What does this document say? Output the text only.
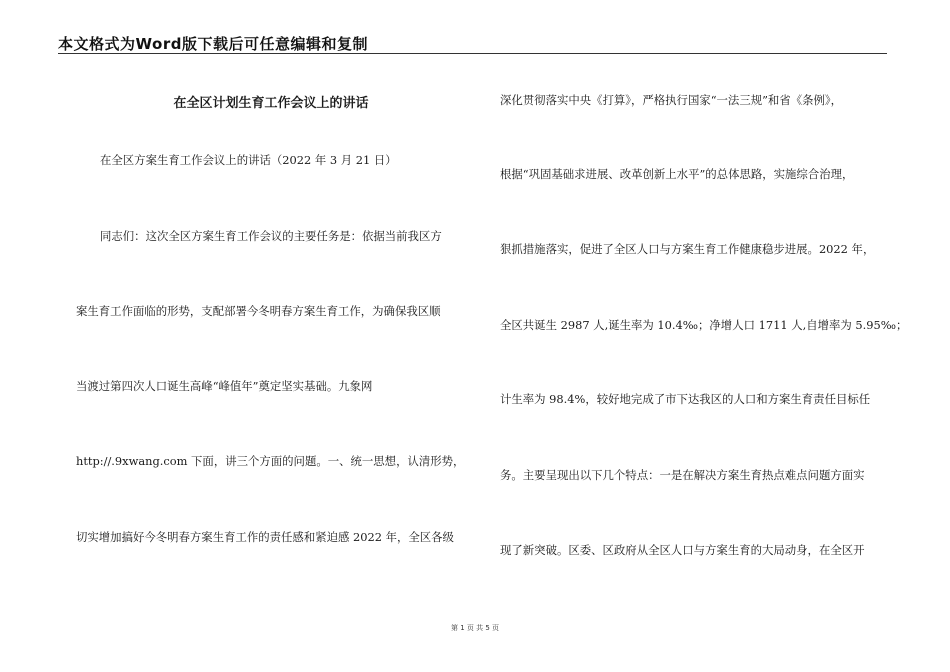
本文格式为Word版下载后可任意编辑和复制
在全区计划生育工作会议上的讲话
在全区方案生育工作会议上的讲话（2022 年 3 月 21 日）
同志们：这次全区方案生育工作会议的主要任务是：依据当前我区方
案生育工作面临的形势，支配部署今冬明春方案生育工作，为确保我区顺
当渡过第四次人口诞生高峰“峰值年”奠定坚实基础。九象网
http://.9xwang.com 下面，讲三个方面的问题。一、统一思想，认清形势，
切实增加搞好今冬明春方案生育工作的责任感和紧迫感 2022 年，全区各级
深化贯彻落实中央《打算》，严格执行国家“一法三规”和省《条例》，
根据“巩固基础求进展、改革创新上水平”的总体思路，实施综合治理，
狠抓措施落实，促进了全区人口与方案生育工作健康稳步进展。2022 年，
全区共诞生 2987 人,诞生率为 10.4‰；净增人口 1711 人,自增率为 5.95‰；
计生率为 98.4%，较好地完成了市下达我区的人口和方案生育责任目标任
务。主要呈现出以下几个特点：一是在解决方案生育热点难点问题方面实
现了新突破。区委、区政府从全区人口与方案生育的大局动身，在全区开
第 1 页 共 5 页
